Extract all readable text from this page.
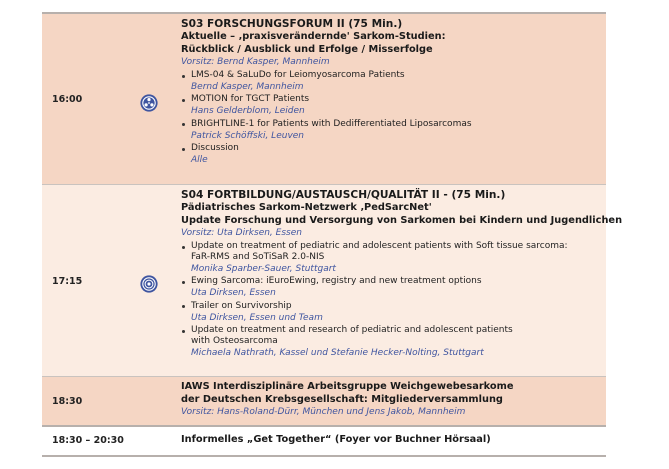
16:00
S03 FORSCHUNGSFORUM II (75 Min.)
Aktuelle – ‚praxisverändernde' Sarkom-Studien:
Rückblick / Ausblick und Erfolge / Misserfolge
Vorsitz: Bernd Kasper, Mannheim
LMS-04 & SaLuDo for Leiomyosarcoma Patients
Bernd Kasper, Mannheim
MOTION for TGCT Patients
Hans Gelderblom, Leiden
BRIGHTLINE-1 for Patients with Dedifferentiated Liposarcomas
Patrick Schöffski, Leuven
Discussion
Alle
17:15
S04 FORTBILDUNG/AUSTAUSCH/QUALITÄT II - (75 Min.)
Pädiatrisches Sarkom-Netzwerk ‚PedSarcNet'
Update Forschung und Versorgung von Sarkomen bei Kindern und Jugendlichen
Vorsitz: Uta Dirksen, Essen
Update on treatment of pediatric and adolescent patients with Soft tissue sarcoma:
FaR-RMS and SoTiSaR 2.0-NIS
Monika Sparber-Sauer, Stuttgart
Ewing Sarcoma: iEuroEwing, registry and new treatment options
Uta Dirksen, Essen
Trailer on Survivorship
Uta Dirksen, Essen und Team
Update on treatment and research of pediatric and adolescent patients
with Osteosarcoma
Michaela Nathrath, Kassel und Stefanie Hecker-Nolting, Stuttgart
18:30
IAWS Interdisziplinäre Arbeitsgruppe Weichgewebesarkome
der Deutschen Krebsgesellschaft: Mitgliederversammlung
Vorsitz: Hans-Roland-Dürr, München und Jens Jakob, Mannheim
18:30 – 20:30	Informelles „Get Together“ (Foyer vor Buchner Hörsaal)
